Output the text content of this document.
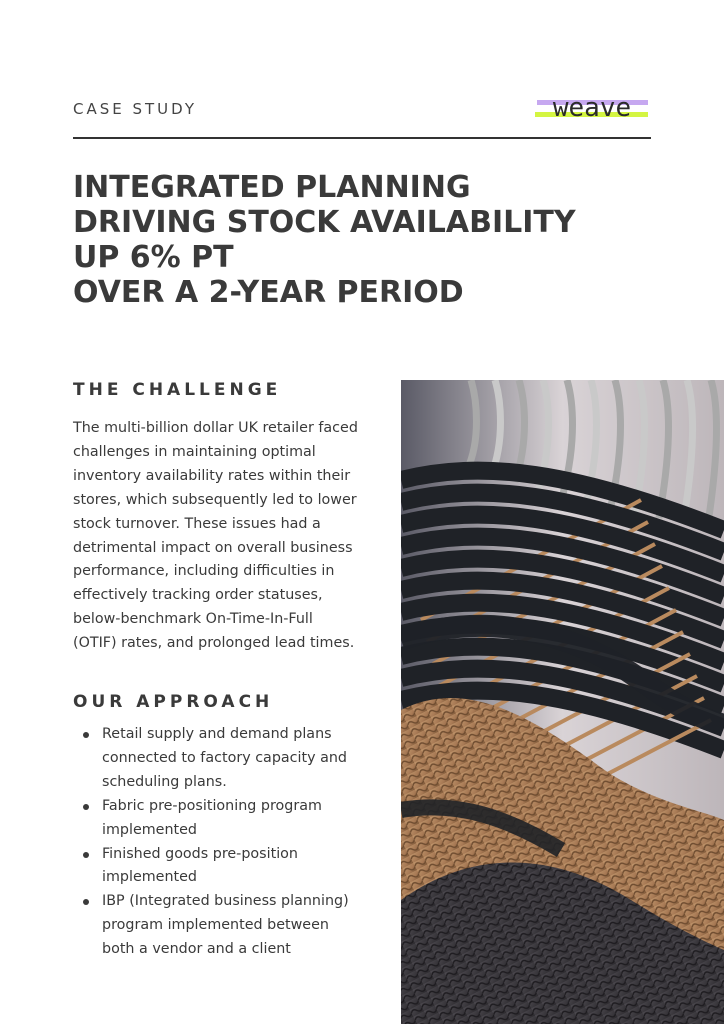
CASE STUDY	weave
INTEGRATED PLANNING
DRIVING STOCK AVAILABILITY
UP 6% PT
OVER A 2-YEAR PERIOD
THE CHALLENGE

The multi-billion dollar UK retailer faced
challenges in maintaining optimal
inventory availability rates within their
stores, which subsequently led to lower
stock turnover. These issues had a
detrimental impact on overall business
performance, including difficulties in
effectively tracking order statuses,
below-benchmark On-Time-In-Full
(OTIF) rates, and prolonged lead times.

OUR APPROACH
Retail supply and demand plans
connected to factory capacity and
scheduling plans.
Fabric pre-positioning program
implemented
Finished goods pre-position
implemented
IBP (Integrated business planning)
program implemented between
both a vendor and a client
